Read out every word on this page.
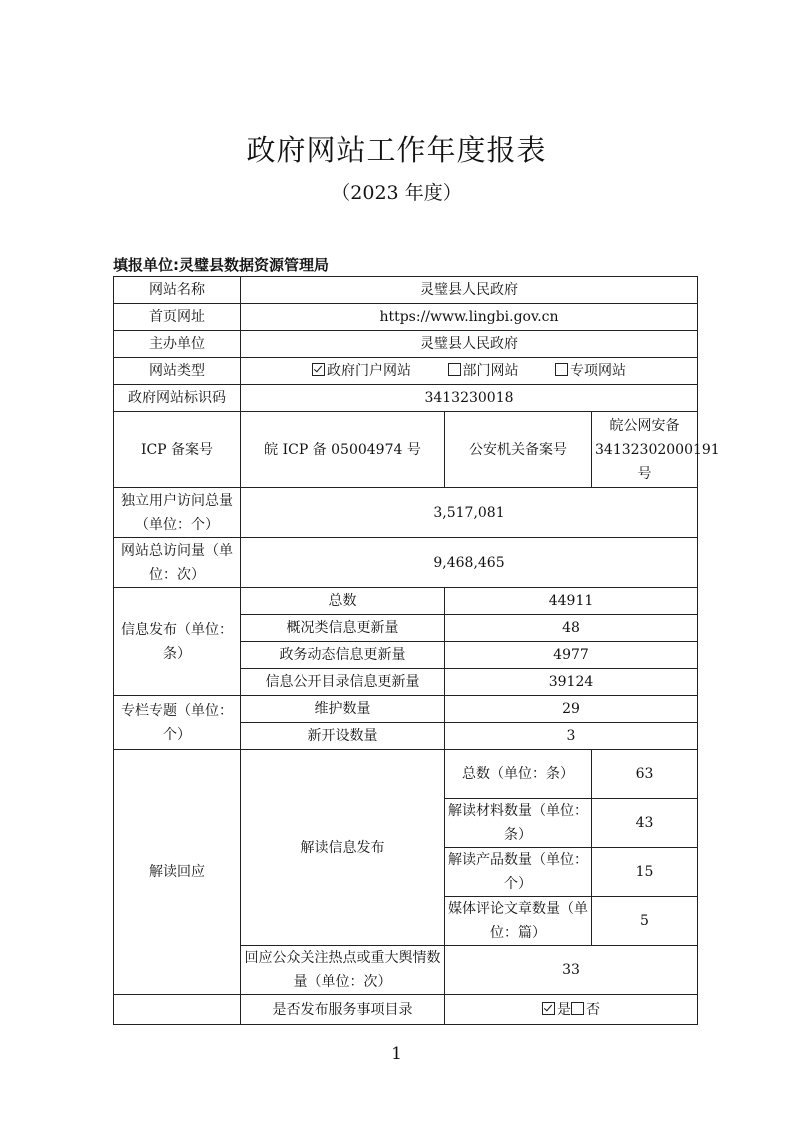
政府网站工作年度报表
（2023 年度）
填报单位:灵璧县数据资源管理局
网站名称	灵璧县人民政府		
首页网址	https://www.lingbi.gov.cn		
主办单位	灵璧县人民政府		
网站类型	政府门户网站 部门网站 专项网站		
政府网站标识码	3413230018		
ICP 备案号	皖 ICP 备 05004974 号	公安机关备案号	皖公网安备 34132302000191 号
独立用户访问总量（单位：个）	3,517,081		
网站总访问量（单位：次）	9,468,465		
信息发布（单位：条）	总数	44911	
	概况类信息更新量	48	
	政务动态信息更新量	4977	
	信息公开目录信息更新量	39124	
专栏专题（单位：个）	维护数量	29	
	新开设数量	3	
解读回应	解读信息发布	总数（单位：条）	63
		解读材料数量（单位：条）	43
		解读产品数量（单位：个）	15
		媒体评论文章数量（单位：篇）	5
	回应公众关注热点或重大舆情数量（单位：次）	33	
	是否发布服务事项目录	是 否	
1
